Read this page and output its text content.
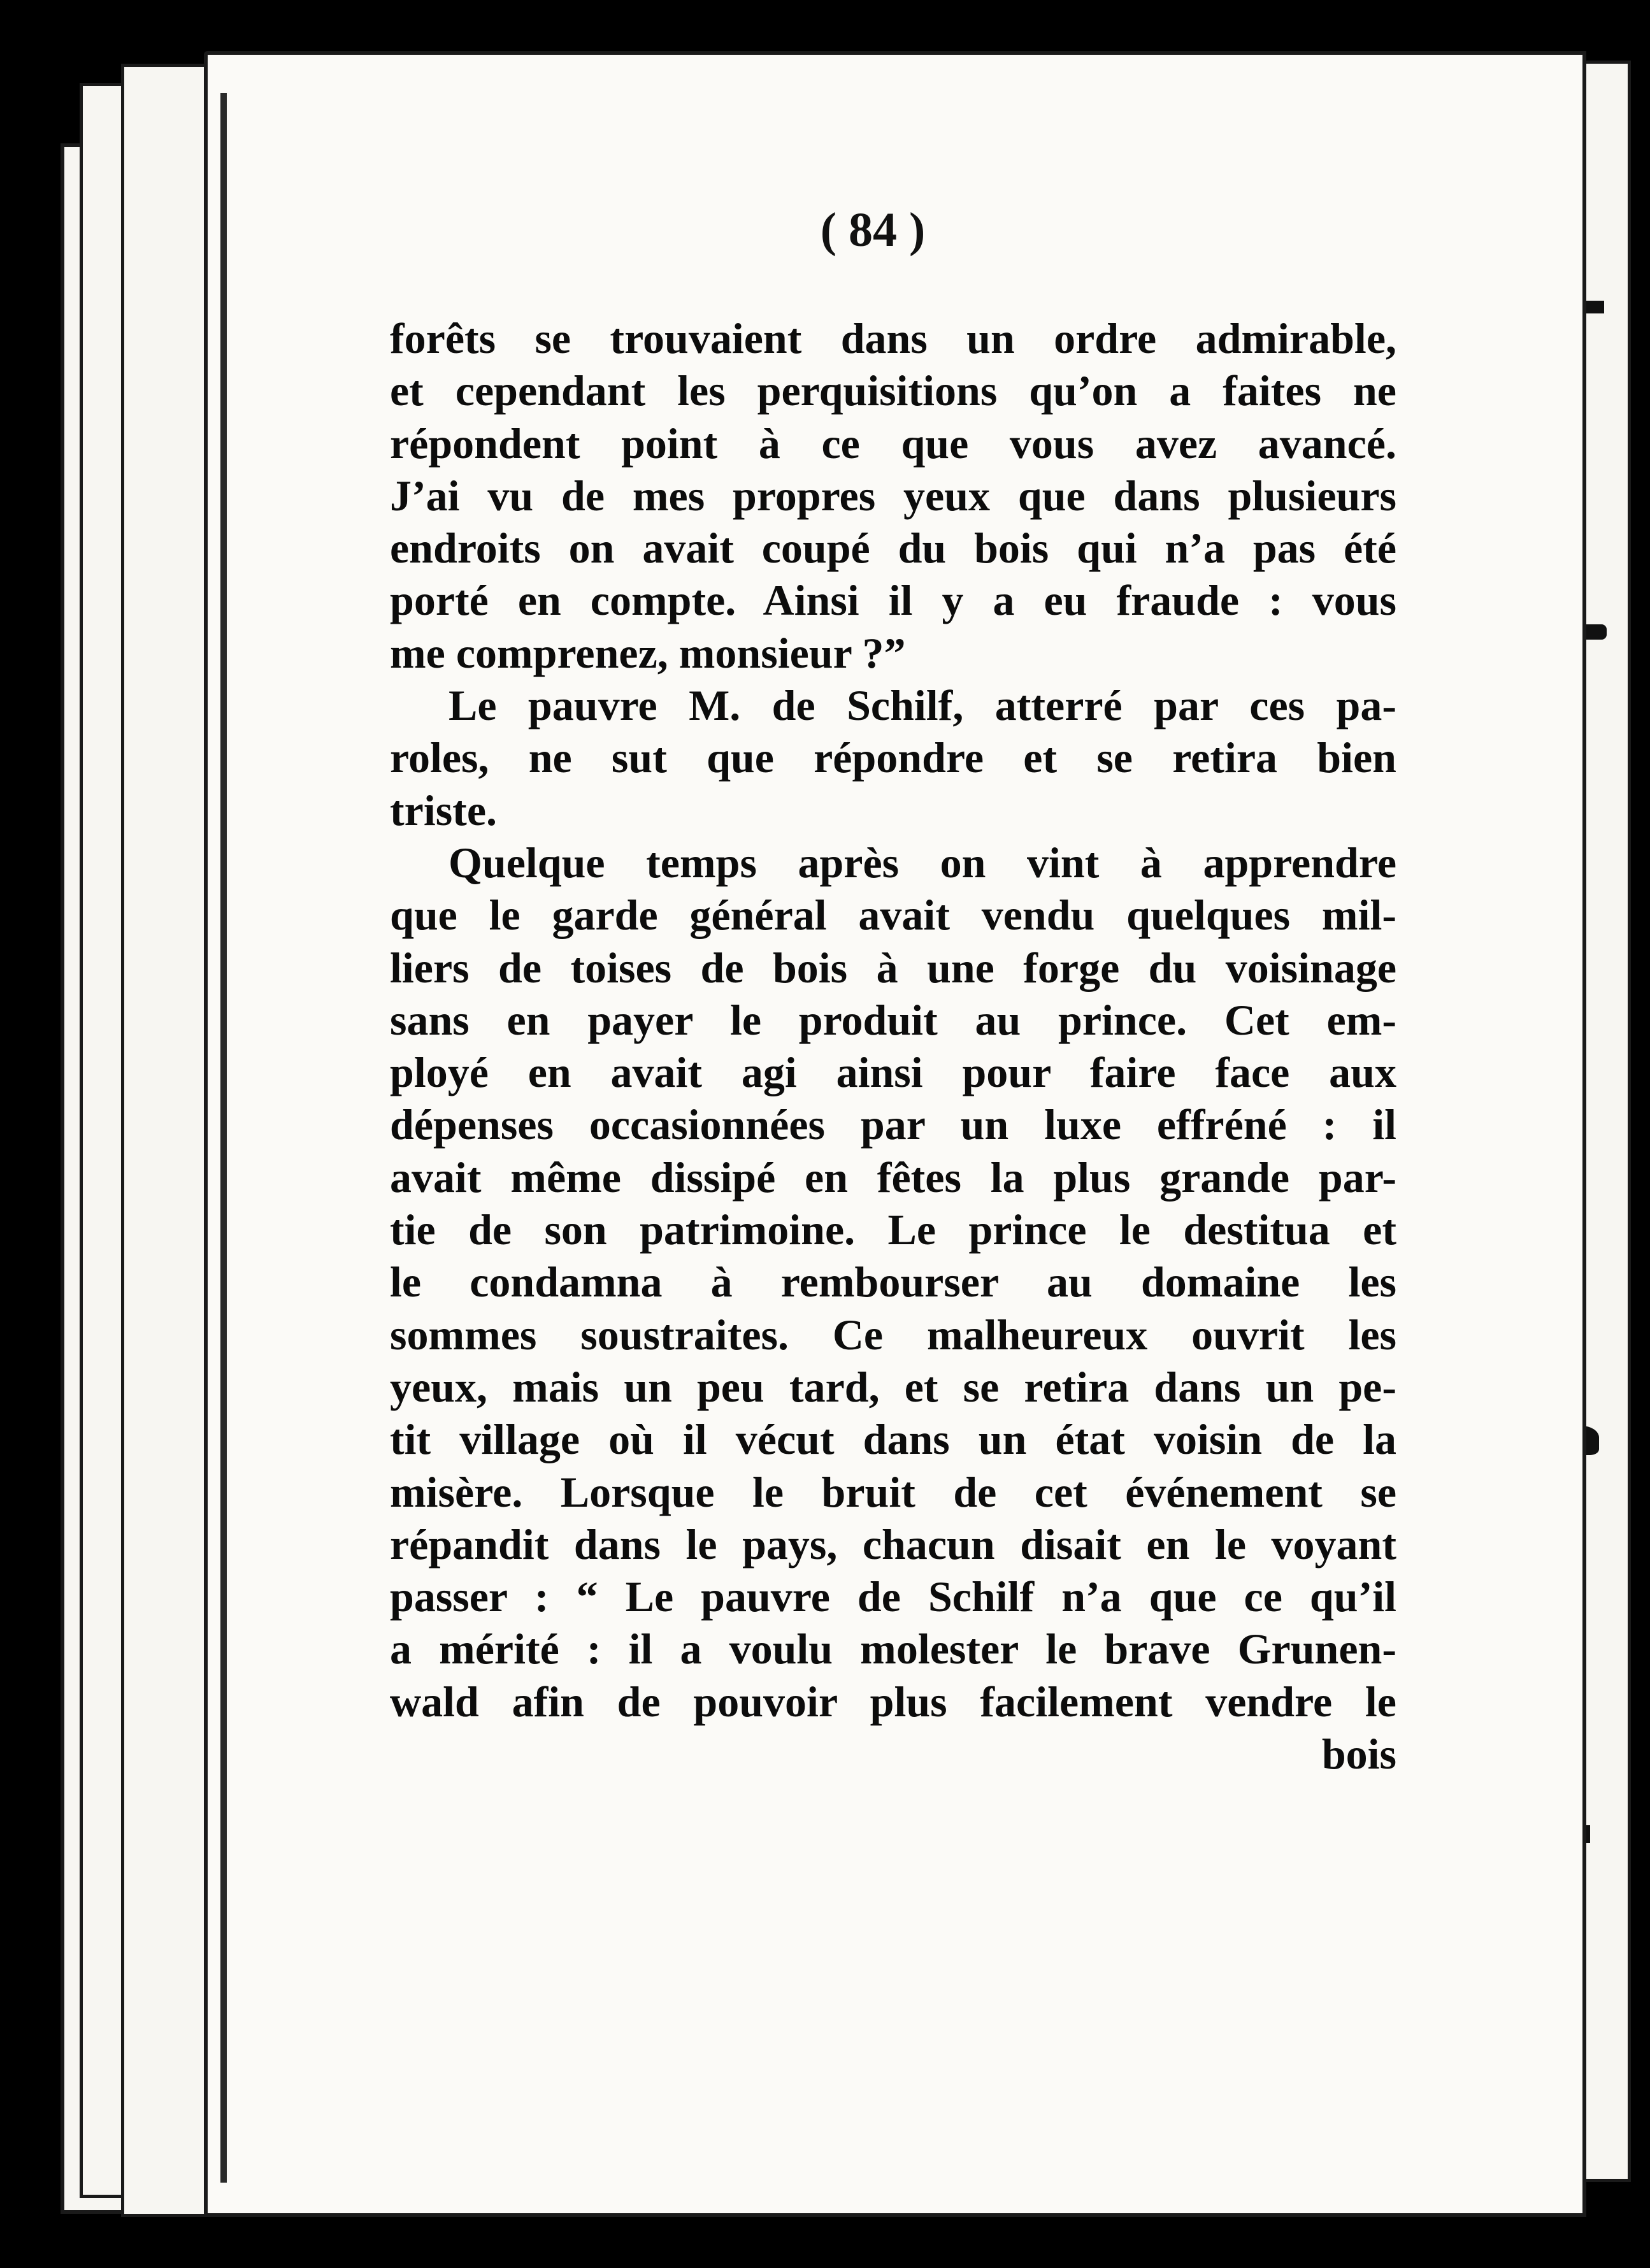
( 84 )
forêts se trouvaient dans un ordre admirable,
et cependant les perquisitions qu’on a faites ne
répondent point à ce que vous avez avancé.
J’ai vu de mes propres yeux que dans plusieurs
endroits on avait coupé du bois qui n’a pas été
porté en compte. Ainsi il y a eu fraude : vous
me comprenez, monsieur ?”
Le pauvre M. de Schilf, atterré par ces pa-
roles, ne sut que répondre et se retira bien
triste.
Quelque temps après on vint à apprendre
que le garde général avait vendu quelques mil-
liers de toises de bois à une forge du voisinage
sans en payer le produit au prince. Cet em-
ployé en avait agi ainsi pour faire face aux
dépenses occasionnées par un luxe effréné : il
avait même dissipé en fêtes la plus grande par-
tie de son patrimoine. Le prince le destitua et
le condamna à rembourser au domaine les
sommes soustraites. Ce malheureux ouvrit les
yeux, mais un peu tard, et se retira dans un pe-
tit village où il vécut dans un état voisin de la
misère. Lorsque le bruit de cet événement se
répandit dans le pays, chacun disait en le voyant
passer : “ Le pauvre de Schilf n’a que ce qu’il
a mérité : il a voulu molester le brave Grunen-
wald afin de pouvoir plus facilement vendre le
bois
